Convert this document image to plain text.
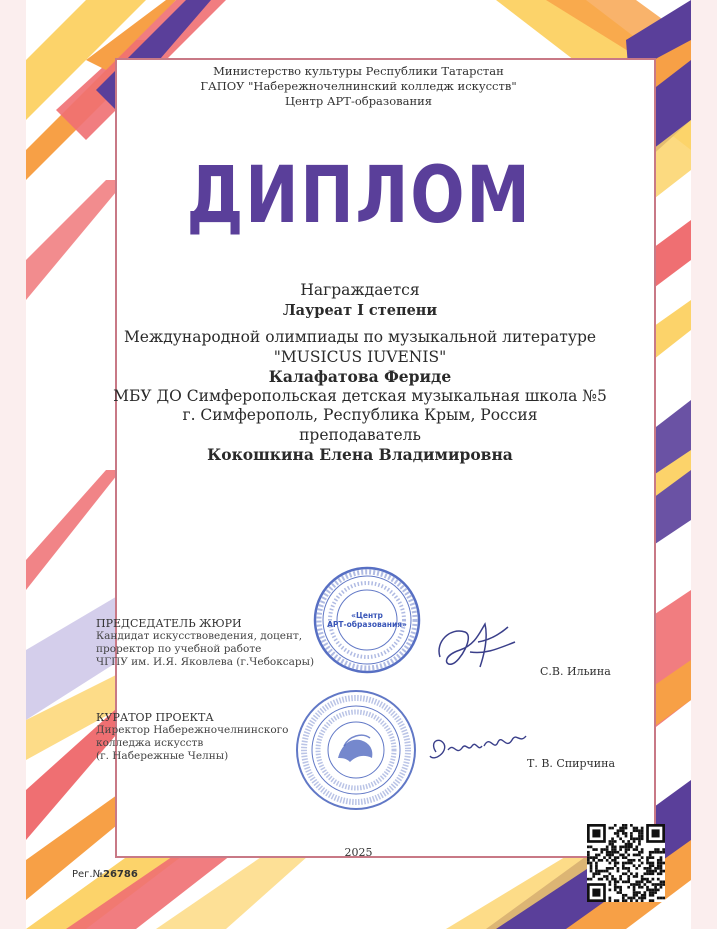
Министерство культуры Республики Татарстан
ГАПОУ "Набережночелнинский колледж искусств"
Центр АРТ-образования
ДИПЛОМ
Награждается
Лауреат I степени
Международной олимпиады по музыкальной литературе
"MUSICUS IUVENIS"
Калафатова Фериде
МБУ ДО Симферопольская детская музыкальная школа №5
г. Симферополь, Республика Крым, Россия
преподаватель
Кокошкина Елена Владимировна
«Центр АРТ-образования»
ПРЕДСЕДАТЕЛЬ ЖЮРИ
Кандидат искусствоведения, доцент,
проректор по учебной работе
ЧГПУ им. И.Я. Яковлева (г.Чебоксары)
С.В. Ильина
КУРАТОР ПРОЕКТА
Директор Набережночелнинского
колледжа искусств
(г. Набережные Челны)
Т. В. Спирчина
2025
Рег.№26786
